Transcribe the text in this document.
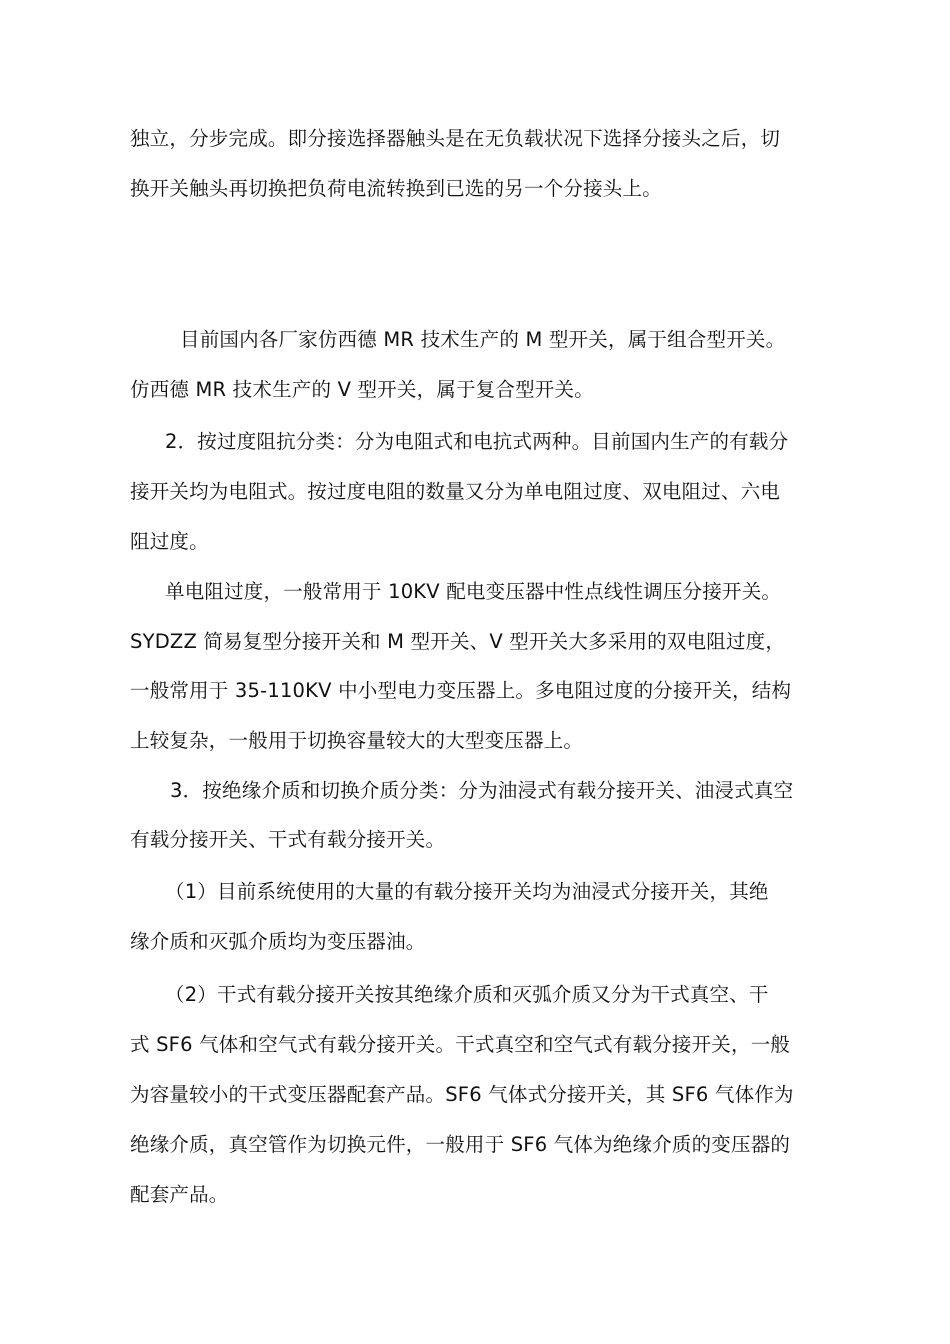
独立，分步完成。即分接选择器触头是在无负载状况下选择分接头之后，切
换开关触头再切换把负荷电流转换到已选的另一个分接头上。
目前国内各厂家仿西德 MR 技术生产的 M 型开关，属于组合型开关。
仿西德 MR 技术生产的 V 型开关，属于复合型开关。
2．按过度阻抗分类：分为电阻式和电抗式两种。目前国内生产的有载分
接开关均为电阻式。按过度电阻的数量又分为单电阻过度、双电阻过、六电
阻过度。
单电阻过度，一般常用于 10KV 配电变压器中性点线性调压分接开关。
SYDZZ 简易复型分接开关和 M 型开关、V 型开关大多采用的双电阻过度，
一般常用于 35-110KV 中小型电力变压器上。多电阻过度的分接开关，结构
上较复杂，一般用于切换容量较大的大型变压器上。
3．按绝缘介质和切换介质分类：分为油浸式有载分接开关、油浸式真空
有载分接开关、干式有载分接开关。
（1）目前系统使用的大量的有载分接开关均为油浸式分接开关，其绝
缘介质和灭弧介质均为变压器油。
（2）干式有载分接开关按其绝缘介质和灭弧介质又分为干式真空、干
式 SF6 气体和空气式有载分接开关。干式真空和空气式有载分接开关，一般
为容量较小的干式变压器配套产品。SF6 气体式分接开关，其 SF6 气体作为
绝缘介质，真空管作为切换元件，一般用于 SF6 气体为绝缘介质的变压器的
配套产品。
